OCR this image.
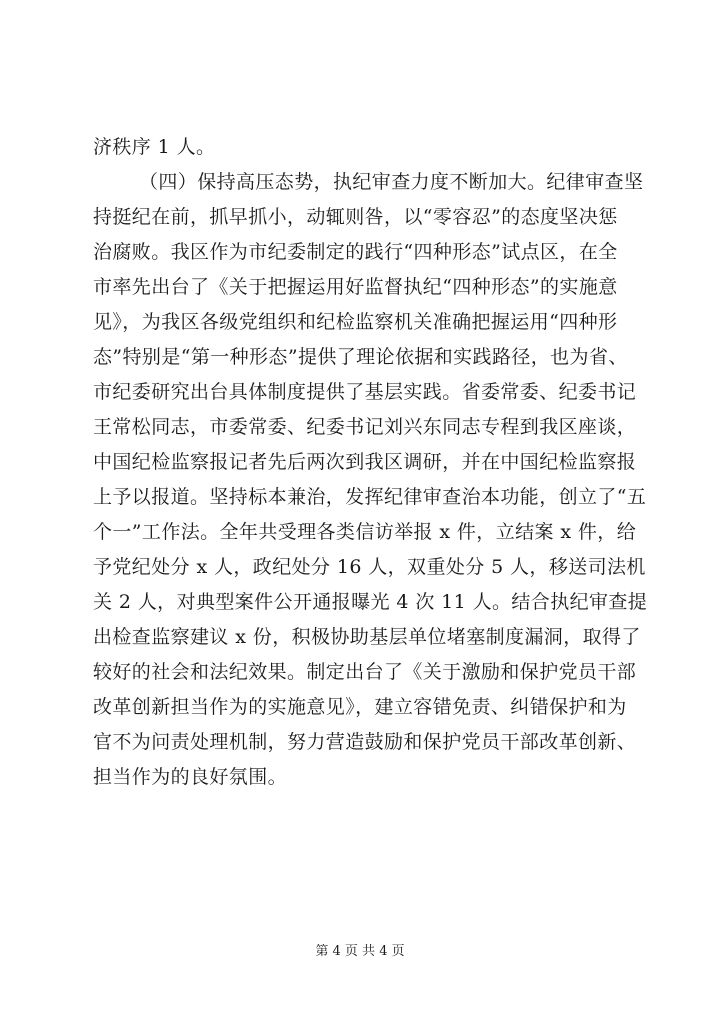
济秩序 1 人。
（四）保持高压态势，执纪审查力度不断加大。纪律审查坚
持挺纪在前，抓早抓小，动辄则咎，以“零容忍”的态度坚决惩
治腐败。我区作为市纪委制定的践行“四种形态”试点区，在全
市率先出台了《关于把握运用好监督执纪“四种形态”的实施意
见》，为我区各级党组织和纪检监察机关准确把握运用“四种形
态”特别是“第一种形态”提供了理论依据和实践路径，也为省、
市纪委研究出台具体制度提供了基层实践。省委常委、纪委书记
王常松同志，市委常委、纪委书记刘兴东同志专程到我区座谈，
中国纪检监察报记者先后两次到我区调研，并在中国纪检监察报
上予以报道。坚持标本兼治，发挥纪律审查治本功能，创立了“五
个一”工作法。全年共受理各类信访举报 x 件，立结案 x 件，给
予党纪处分 x 人，政纪处分 16 人，双重处分 5 人，移送司法机
关 2 人，对典型案件公开通报曝光 4 次 11 人。结合执纪审查提
出检查监察建议 x 份，积极协助基层单位堵塞制度漏洞，取得了
较好的社会和法纪效果。制定出台了《关于激励和保护党员干部
改革创新担当作为的实施意见》，建立容错免责、纠错保护和为
官不为问责处理机制，努力营造鼓励和保护党员干部改革创新、
担当作为的良好氛围。
第 4 页 共 4 页
